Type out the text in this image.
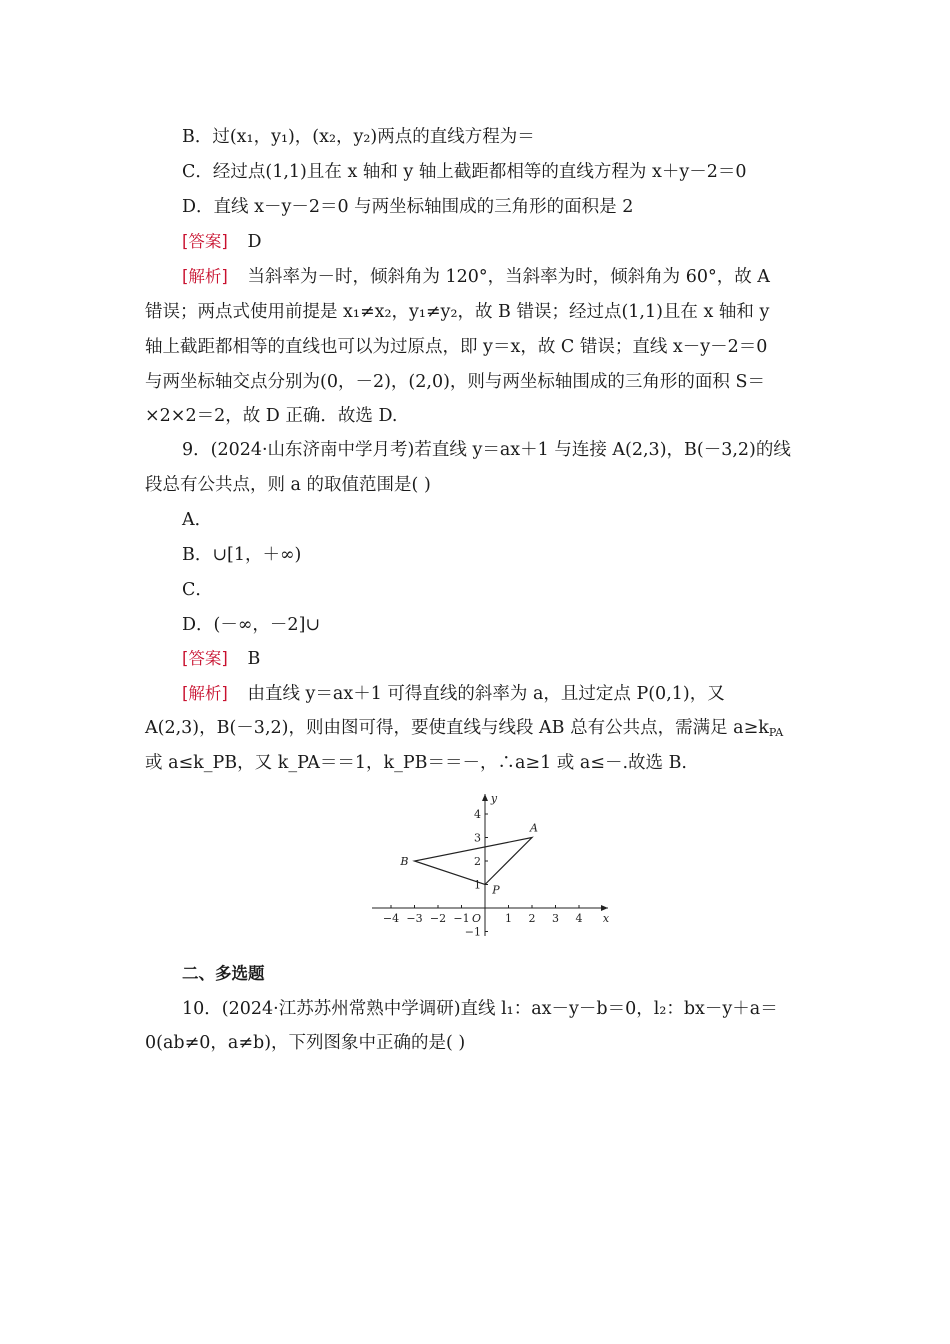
B．过(x₁，y₁)，(x₂，y₂)两点的直线方程为＝
C．经过点(1,1)且在 x 轴和 y 轴上截距都相等的直线方程为 x＋y－2＝0
D．直线 x－y－2＝0 与两坐标轴围成的三角形的面积是 2
[答案] D
[解析] 当斜率为－时，倾斜角为 120°，当斜率为时，倾斜角为 60°，故 A
错误；两点式使用前提是 x₁≠x₂，y₁≠y₂，故 B 错误；经过点(1,1)且在 x 轴和 y
轴上截距都相等的直线也可以为过原点，即 y＝x，故 C 错误；直线 x－y－2＝0
与两坐标轴交点分别为(0，－2)，(2,0)，则与两坐标轴围成的三角形的面积 S＝
×2×2＝2，故 D 正确．故选 D.
9．(2024·山东济南中学月考)若直线 y＝ax＋1 与连接 A(2,3)，B(－3,2)的线
段总有公共点，则 a 的取值范围是( )
A．
B．∪[1，＋∞)
C．
D．(－∞，－2]∪
[答案] B
[解析] 由直线 y＝ax＋1 可得直线的斜率为 a，且过定点 P(0,1)，又
A(2,3)，B(－3,2)，则由图可得，要使直线与线段 AB 总有公共点，需满足 $a\ge k_{PA}$
或 a≤k_PB，又 k_PA＝＝1，k_PB＝＝－，∴a≥1 或 a≤－.故选 B.
−4 −3 −2 −1	1 2 3 4
4
3
2
1
−1
x
y
O
A
B
P
二、多选题
10．(2024·江苏苏州常熟中学调研)直线 l₁：ax－y－b＝0，l₂：bx－y＋a＝
0(ab≠0，a≠b)，下列图象中正确的是( )
